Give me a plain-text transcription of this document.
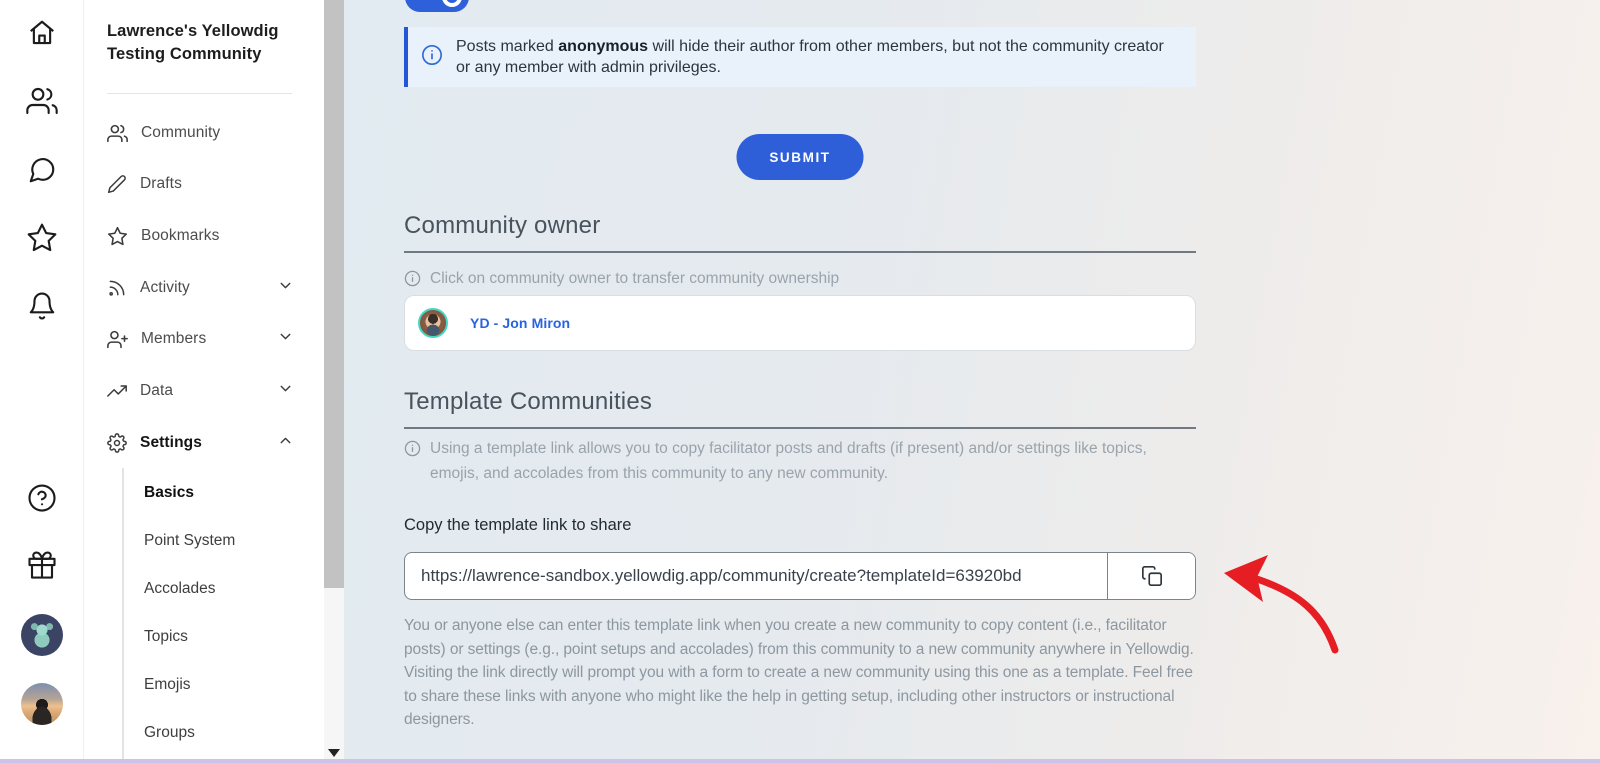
Lawrence's Yellowdig Testing Community
Community
Drafts
Bookmarks
Activity
Members
Data
Settings
Basics
Point System
Accolades
Topics
Emojis
Groups
Posts marked anonymous will hide their author from other members, but not the community creator or any member with admin privileges.
SUBMIT
Community owner
Click on community owner to transfer community ownership
YD - Jon Miron
Template Communities
Using a template link allows you to copy facilitator posts and drafts (if present) and/or settings like topics, emojis, and accolades from this community to any new community.
Copy the template link to share
https://lawrence-sandbox.yellowdig.app/community/create?templateId=63920bd

You or anyone else can enter this template link when you create a new community to copy content (i.e., facilitator posts) or settings (e.g., point setups and accolades) from this community to a new community anywhere in Yellowdig. Visiting the link directly will prompt you with a form to create a new community using this one as a template. Feel free to share these links with anyone who might like the help in getting setup, including other instructors or instructional designers.
